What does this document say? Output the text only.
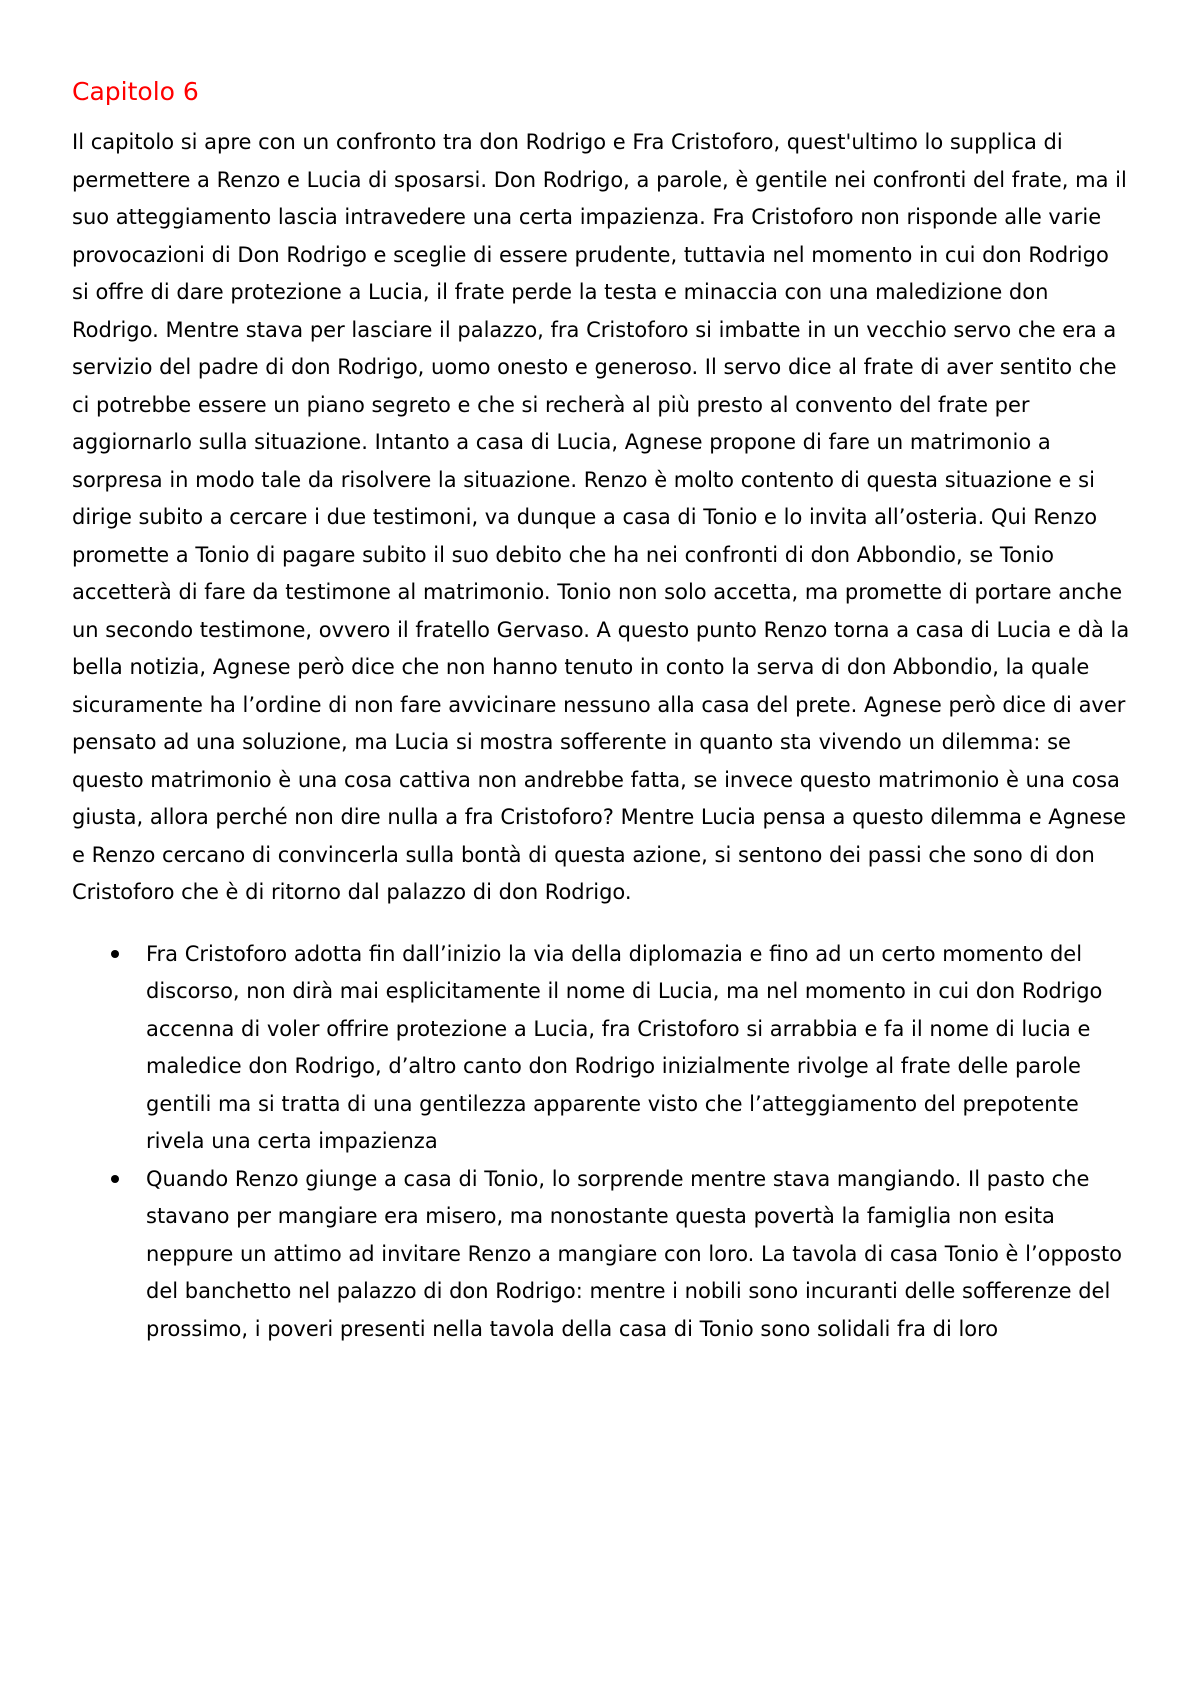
Capitolo 6

Il capitolo si apre con un confronto tra don Rodrigo e Fra Cristoforo, quest'ultimo lo supplica di permettere a Renzo e Lucia di sposarsi. Don Rodrigo, a parole, è gentile nei confronti del frate, ma il suo atteggiamento lascia intravedere una certa impazienza. Fra Cristoforo non risponde alle varie provocazioni di Don Rodrigo e sceglie di essere prudente, tuttavia nel momento in cui don Rodrigo si offre di dare protezione a Lucia, il frate perde la testa e minaccia con una maledizione don Rodrigo. Mentre stava per lasciare il palazzo, fra Cristoforo si imbatte in un vecchio servo che era a servizio del padre di don Rodrigo, uomo onesto e generoso. Il servo dice al frate di aver sentito che ci potrebbe essere un piano segreto e che si recherà al più presto al convento del frate per aggiornarlo sulla situazione. Intanto a casa di Lucia, Agnese propone di fare un matrimonio a sorpresa in modo tale da risolvere la situazione. Renzo è molto contento di questa situazione e si dirige subito a cercare i due testimoni, va dunque a casa di Tonio e lo invita all’osteria. Qui Renzo promette a Tonio di pagare subito il suo debito che ha nei confronti di don Abbondio, se Tonio accetterà di fare da testimone al matrimonio. Tonio non solo accetta, ma promette di portare anche un secondo testimone, ovvero il fratello Gervaso. A questo punto Renzo torna a casa di Lucia e dà la bella notizia, Agnese però dice che non hanno tenuto in conto la serva di don Abbondio, la quale sicuramente ha l’ordine di non fare avvicinare nessuno alla casa del prete. Agnese però dice di aver pensato ad una soluzione, ma Lucia si mostra sofferente in quanto sta vivendo un dilemma: se questo matrimonio è una cosa cattiva non andrebbe fatta, se invece questo matrimonio è una cosa giusta, allora perché non dire nulla a fra Cristoforo? Mentre Lucia pensa a questo dilemma e Agnese e Renzo cercano di convincerla sulla bontà di questa azione, si sentono dei passi che sono di don Cristoforo che è di ritorno dal palazzo di don Rodrigo.

Fra Cristoforo adotta fin dall’inizio la via della diplomazia e fino ad un certo momento del discorso, non dirà mai esplicitamente il nome di Lucia, ma nel momento in cui don Rodrigo accenna di voler offrire protezione a Lucia, fra Cristoforo si arrabbia e fa il nome di lucia e maledice don Rodrigo, d’altro canto don Rodrigo inizialmente rivolge al frate delle parole gentili ma si tratta di una gentilezza apparente visto che l’atteggiamento del prepotente rivela una certa impazienza
Quando Renzo giunge a casa di Tonio, lo sorprende mentre stava mangiando. Il pasto che stavano per mangiare era misero, ma nonostante questa povertà la famiglia non esita neppure un attimo ad invitare Renzo a mangiare con loro. La tavola di casa Tonio è l’opposto del banchetto nel palazzo di don Rodrigo: mentre i nobili sono incuranti delle sofferenze del prossimo, i poveri presenti nella tavola della casa di Tonio sono solidali fra di loro
